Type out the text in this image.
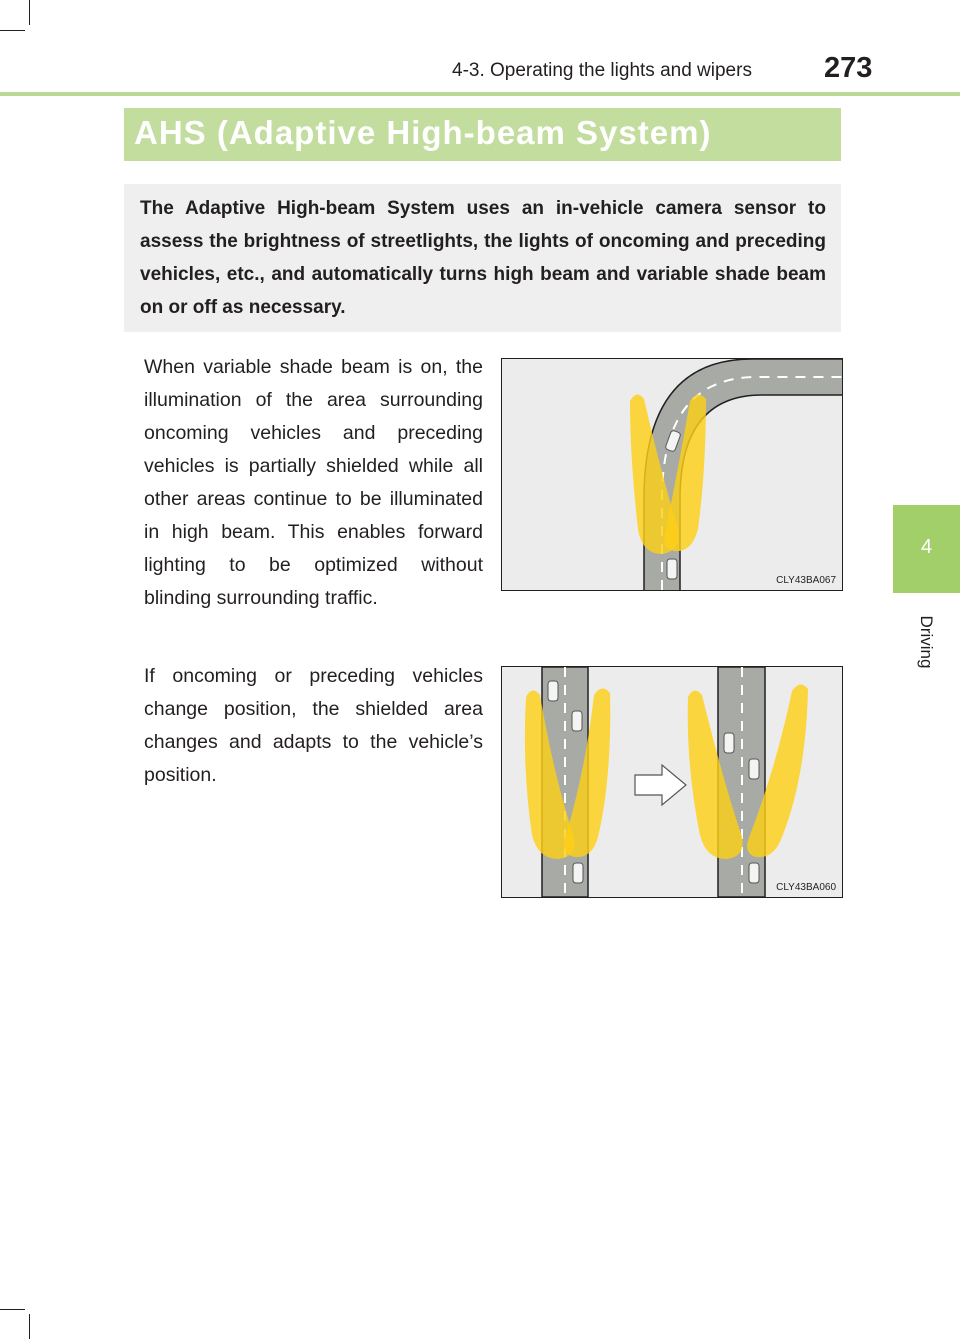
4-3. Operating the lights and wipers 273
4
Driving
AHS (Adaptive High-beam System)
The Adaptive High-beam System uses an in-vehicle camera sensor to assess the brightness of streetlights, the lights of oncoming and preceding vehicles, etc., and automatically turns high beam and variable shade beam on or off as necessary.
When variable shade beam is on, the illumination of the area surrounding oncoming vehicles and preceding vehicles is partially shielded while all other areas continue to be illuminated in high beam. This enables forward lighting to be optimized without blinding surrounding traffic.
If oncoming or preceding vehicles change position, the shielded area changes and adapts to the vehicle’s position.
CLY43BA067
CLY43BA060
